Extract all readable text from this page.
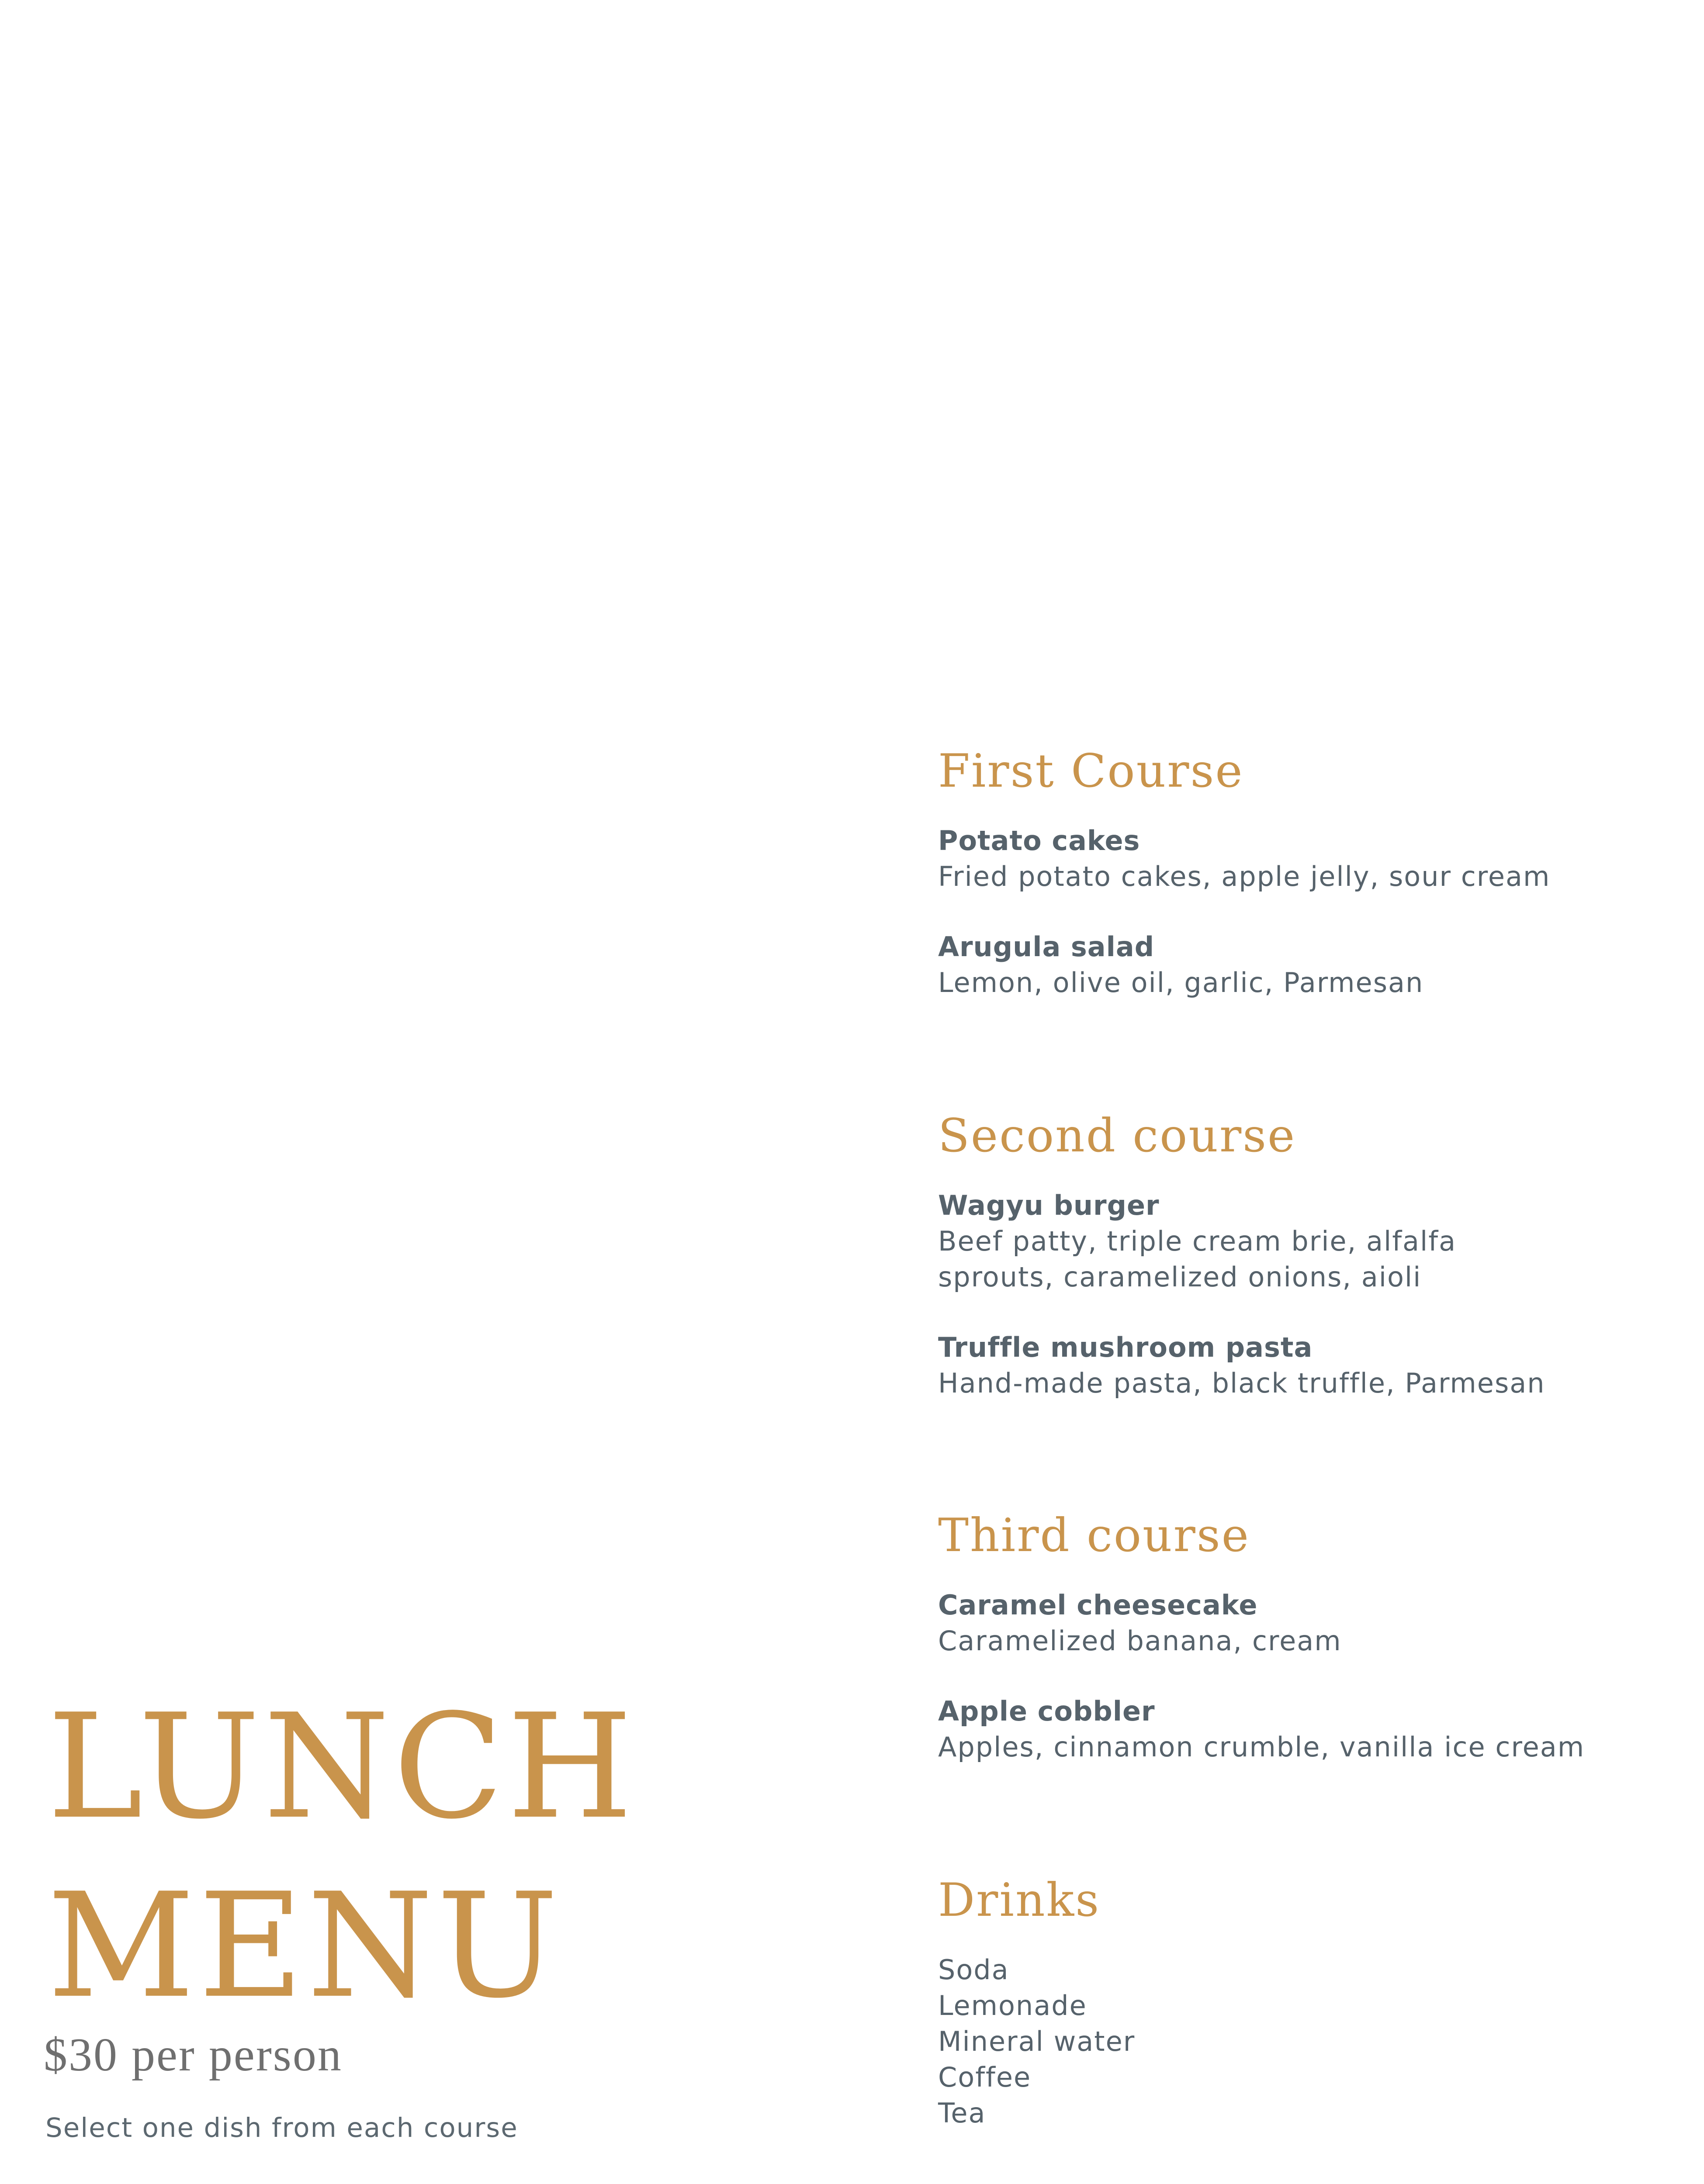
First Course
Potato cakes
Fried potato cakes, apple jelly, sour cream
Arugula salad
Lemon, olive oil, garlic, Parmesan
Second course
Wagyu burger
Beef patty, triple cream brie, alfalfa sprouts, caramelized onions, aioli
Truffle mushroom pasta
Hand-made pasta, black truffle, Parmesan
Third course
Caramel cheesecake
Caramelized banana, cream
Apple cobbler
Apples, cinnamon crumble, vanilla ice cream
Drinks
Soda
Lemonade
Mineral water
Coffee
Tea
LUNCH
MENU
$30 per person
Select one dish from each course
